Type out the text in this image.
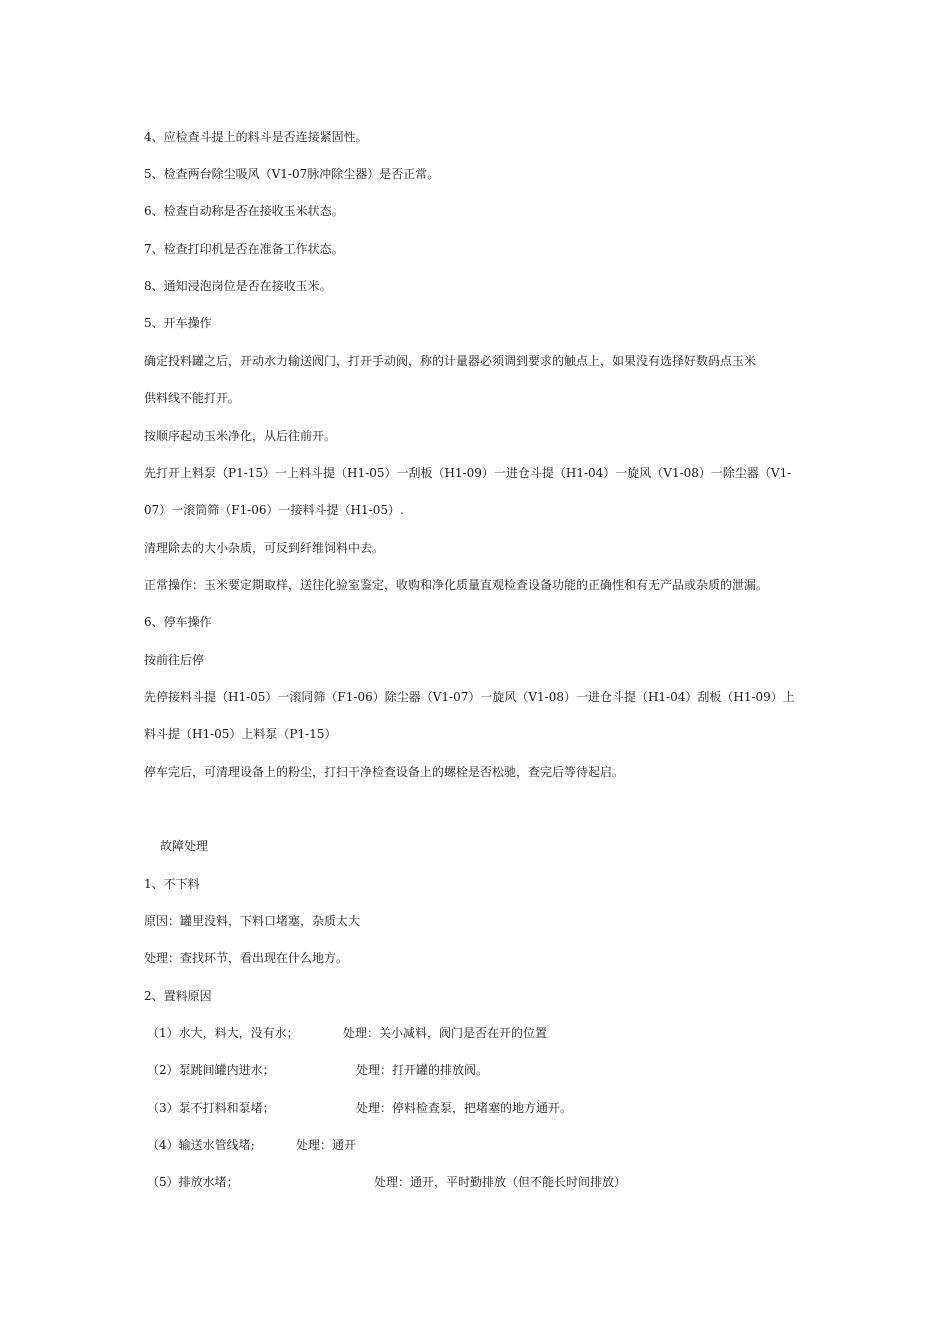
4、应检查斗提上的料斗是否连接紧固性。
5、检查两台除尘吸风（V1-07脉冲除尘器）是否正常。
6、检查自动称是否在接收玉米状态。
7、检查打印机是否在准备工作状态。
8、通知浸泡岗位是否在接收玉米。
5、开车操作
确定投料罐之后，开动水力输送阀门，打开手动阀，称的计量器必须调到要求的触点上，如果没有选择好数码点玉米
供料线不能打开。
按顺序起动玉米净化，从后往前开。
先打开上料泵（P1-15）一上料斗提（H1-05）一刮板（H1-09）一进仓斗提（H1-04）一旋风（V1-08）一除尘器（V1-
07）一滚筒筛（F1-06）一接料斗提（H1-05）.
清理除去的大小杂质，可反到纤维饲料中去。
正常操作：玉米要定期取样，送往化验室鉴定，收购和净化质量直观检查设备功能的正确性和有无产品或杂质的泄漏。
6、停车操作
按前往后停
先停接料斗提（H1-05）一滚同筛（F1-06）除尘器（V1-07）一旋风（V1-08）一进仓斗提（H1-04）刮板（H1-09）上
料斗提（H1-05）上料泵（P1-15）
停车完后，可清理设备上的粉尘，打扫干净检查设备上的螺栓是否松驰，查完后等待起启。
故障处理
1、不下料
原因：罐里没料，下料口堵塞，杂质太大
处理：查找环节，看出现在什么地方。
2、置料原因
（1）水大，料大，没有水；	处理：关小减料，阀门是否在开的位置
（2）泵跳间罐内进水；	处理：打开罐的排放阀。
（3）泵不打料和泵堵；	处理：停料检查泵，把堵塞的地方通开。
（4）输送水管线堵;	处理：通开
（5）排放水堵；	处理：通开，平时勤排放（但不能长时间排放）
